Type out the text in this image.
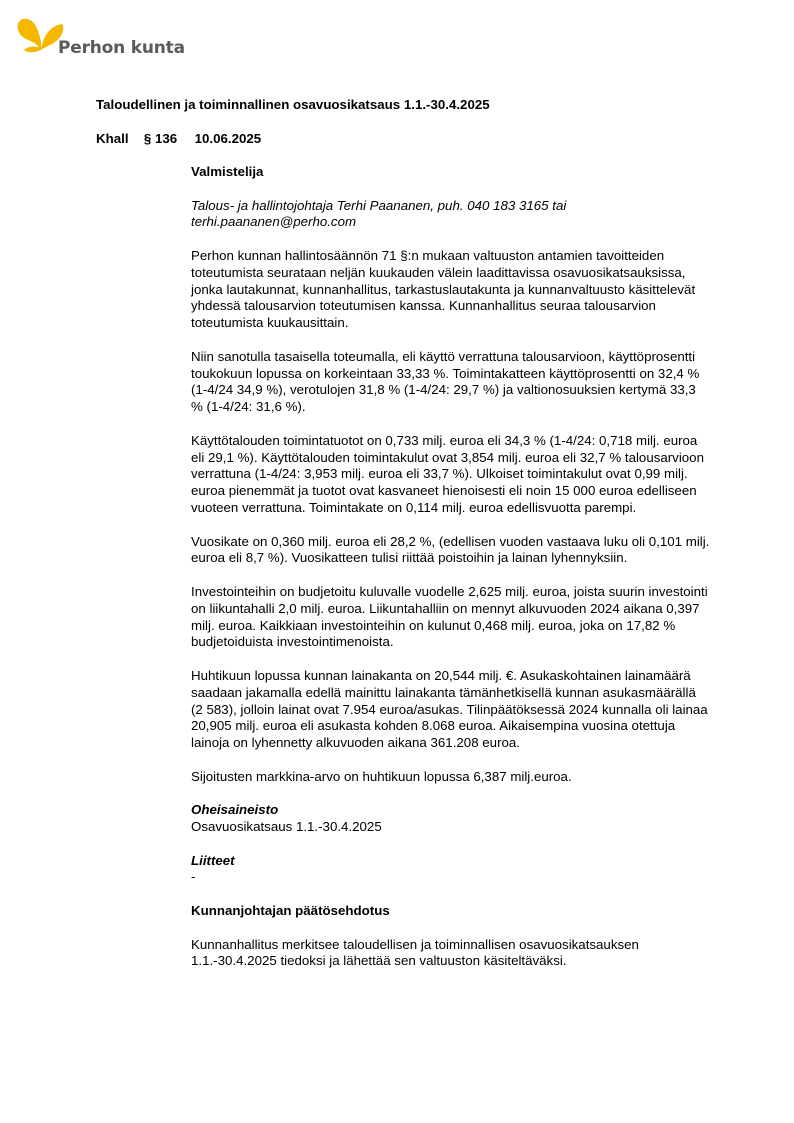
Perhon kunta
Taloudellinen ja toiminnallinen osavuosikatsaus 1.1.-30.4.2025
Khall § 136 10.06.2025

Valmistelija

Talous- ja hallintojohtaja Terhi Paananen, puh. 040 183 3165 tai
terhi.paananen@perho.com

Perhon kunnan hallintosäännön 71 §:n mukaan valtuuston antamien tavoitteiden toteutumista seurataan neljän kuukauden välein laadittavissa osavuosikatsauksissa, jonka lautakunnat, kunnanhallitus, tarkastuslautakunta ja kunnanvaltuusto käsittelevät yhdessä talousarvion toteutumisen kanssa. Kunnanhallitus seuraa talousarvion toteutumista kuukausittain.

Niin sanotulla tasaisella toteumalla, eli käyttö verrattuna talousarvioon, käyttöprosentti toukokuun lopussa on korkeintaan 33,33 %. Toimintakatteen käyttöprosentti on 32,4 % (1-4/24 34,9 %), verotulojen 31,8 % (1-4/24: 29,7 %) ja valtionosuuksien kertymä 33,3 % (1-4/24: 31,6 %).

Käyttötalouden toimintatuotot on 0,733 milj. euroa eli 34,3 % (1-4/24: 0,718 milj. euroa eli 29,1 %). Käyttötalouden toimintakulut ovat 3,854 milj. euroa eli 32,7 % talousarvioon verrattuna (1-4/24: 3,953 milj. euroa eli 33,7 %). Ulkoiset toimintakulut ovat 0,99 milj. euroa pienemmät ja tuotot ovat kasvaneet hienoisesti eli noin 15 000 euroa edelliseen vuoteen verrattuna. Toimintakate on 0,114 milj. euroa edellisvuotta parempi.

Vuosikate on 0,360 milj. euroa eli 28,2 %, (edellisen vuoden vastaava luku oli 0,101 milj. euroa eli 8,7 %). Vuosikatteen tulisi riittää poistoihin ja lainan lyhennyksiin.

Investointeihin on budjetoitu kuluvalle vuodelle 2,625 milj. euroa, joista suurin investointi on liikuntahalli 2,0 milj. euroa. Liikuntahalliin on mennyt alkuvuoden 2024 aikana 0,397 milj. euroa. Kaikkiaan investointeihin on kulunut 0,468 milj. euroa, joka on 17,82 % budjetoiduista investointimenoista.

Huhtikuun lopussa kunnan lainakanta on 20,544 milj. €. Asukaskohtainen lainamäärä saadaan jakamalla edellä mainittu lainakanta tämänhetkisellä kunnan asukasmäärällä (2 583), jolloin lainat ovat 7.954 euroa/asukas. Tilinpäätöksessä 2024 kunnalla oli lainaa 20,905 milj. euroa eli asukasta kohden 8.068 euroa. Aikaisempina vuosina otettuja lainoja on lyhennetty alkuvuoden aikana 361.208 euroa.

Sijoitusten markkina-arvo on huhtikuun lopussa 6,387 milj.euroa.

Oheisaineisto
Osavuosikatsaus 1.1.-30.4.2025

Liitteet
-

Kunnanjohtajan päätösehdotus

Kunnanhallitus merkitsee taloudellisen ja toiminnallisen osavuosikatsauksen 1.1.-30.4.2025 tiedoksi ja lähettää sen valtuuston käsiteltäväksi.
